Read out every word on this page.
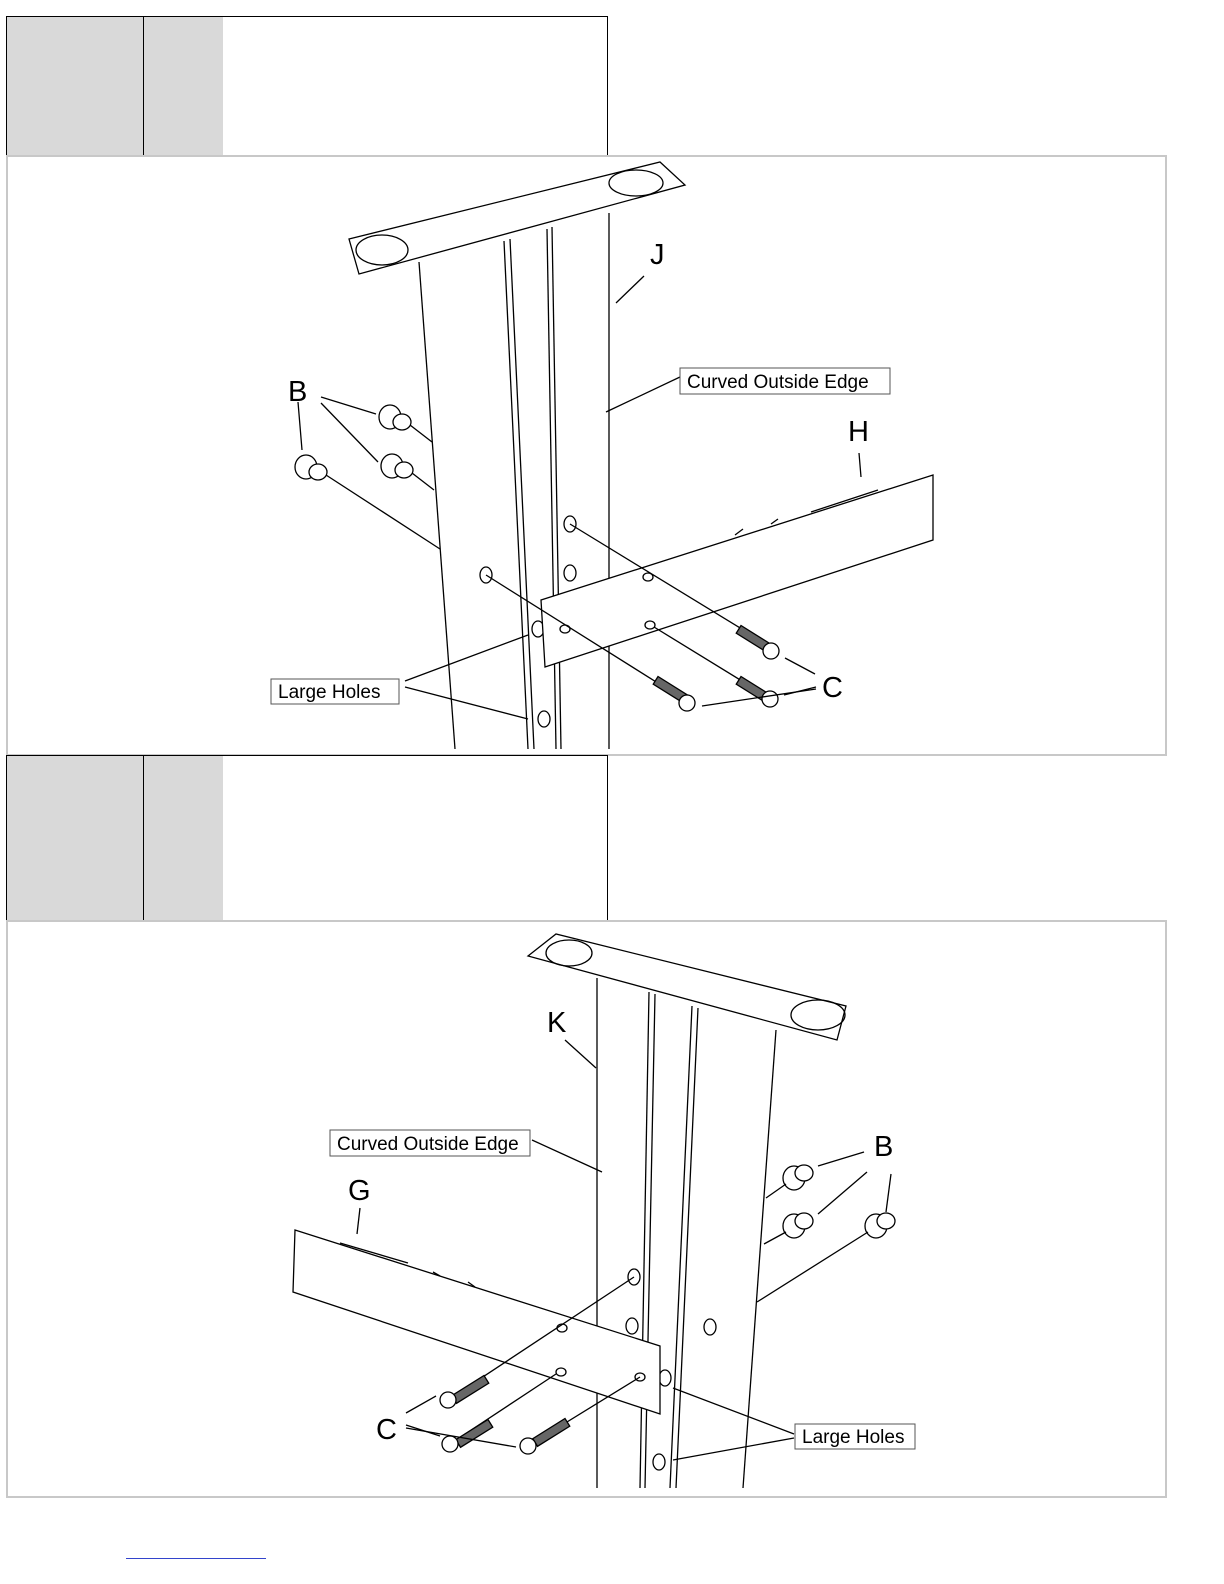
Curved Outside Edge
Large Holes
J
B
H
C
Curved Outside Edge
Large Holes
K
B
G
C
